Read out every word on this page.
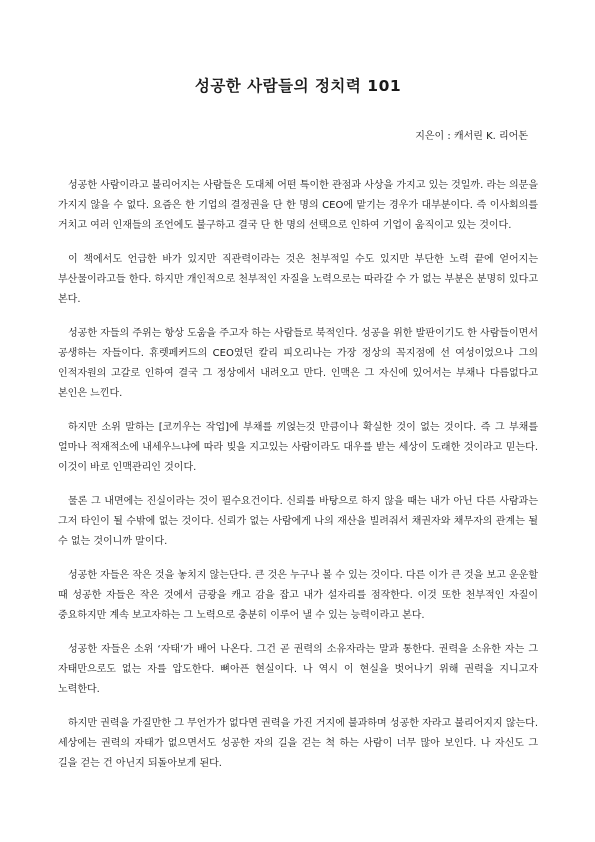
성공한 사람들의 정치력 101

지은이 : 캐서린 K. 리어돈

성공한 사람이라고 불리어지는 사람들은 도대체 어떤 특이한 관점과 사상을 가지고 있는 것일까. 라는 의문을 가지지 않을 수 없다. 요즘은 한 기업의 결정권을 단 한 명의 CEO에 맡기는 경우가 대부분이다. 즉 이사회의를 거치고 여러 인재들의 조언에도 불구하고 결국 단 한 명의 선택으로 인하여 기업이 움직이고 있는 것이다.

이 책에서도 언급한 바가 있지만 직관력이라는 것은 천부적일 수도 있지만 부단한 노력 끝에 얻어지는 부산물이라고들 한다. 하지만 개인적으로 천부적인 자질을 노력으로는 따라갈 수 가 없는 부분은 분명히 있다고 본다.

성공한 자들의 주위는 항상 도움을 주고자 하는 사람들로 북적인다. 성공을 위한 발판이기도 한 사람들이면서 공생하는 자들이다. 휴렛페커드의 CEO였던 칼리 피오리나는 가장 정상의 꼭지점에 선 여성이었으나 그의 인적자원의 고갈로 인하여 결국 그 정상에서 내려오고 만다. 인맥은 그 자신에 있어서는 부채나 다름없다고 본인은 느낀다.

하지만 소위 말하는 [코끼우는 작업]에 부채를 끼얹는것 만큼이나 확실한 것이 없는 것이다. 즉 그 부채를 얼마나 적재적소에 내세우느냐에 따라 빚을 지고있는 사람이라도 대우를 받는 세상이 도래한 것이라고 믿는다. 이것이 바로 인맥관리인 것이다.

물론 그 내면에는 진실이라는 것이 필수요건이다. 신뢰를 바탕으로 하지 않을 때는 내가 아닌 다른 사람과는 그저 타인이 될 수밖에 없는 것이다. 신뢰가 없는 사람에게 나의 재산을 빌려줘서 채권자와 채무자의 관계는 될 수 없는 것이니까 말이다.

성공한 자들은 작은 것을 놓치지 않는단다. 큰 것은 누구나 볼 수 있는 것이다. 다른 이가 큰 것을 보고 운운할 때 성공한 자들은 작은 것에서 금광을 캐고 감을 잡고 내가 설자리를 점작한다. 이것 또한 천부적인 자질이 중요하지만 계속 보고자하는 그 노력으로 충분히 이루어 낼 수 있는 능력이라고 본다.

성공한 자들은 소위 ‘자태’가 배어 나온다. 그건 곧 권력의 소유자라는 말과 통한다. 권력을 소유한 자는 그 자태만으로도 없는 자를 압도한다. 뼈아픈 현실이다. 나 역시 이 현실을 벗어나기 위해 권력을 지니고자 노력한다.

하지만 권력을 가질만한 그 무언가가 없다면 권력을 가진 거지에 불과하며 성공한 자라고 불리어지지 않는다. 세상에는 권력의 자태가 없으면서도 성공한 자의 길을 걷는 척 하는 사람이 너무 많아 보인다. 나 자신도 그 길을 걷는 건 아닌지 되돌아보게 된다.
